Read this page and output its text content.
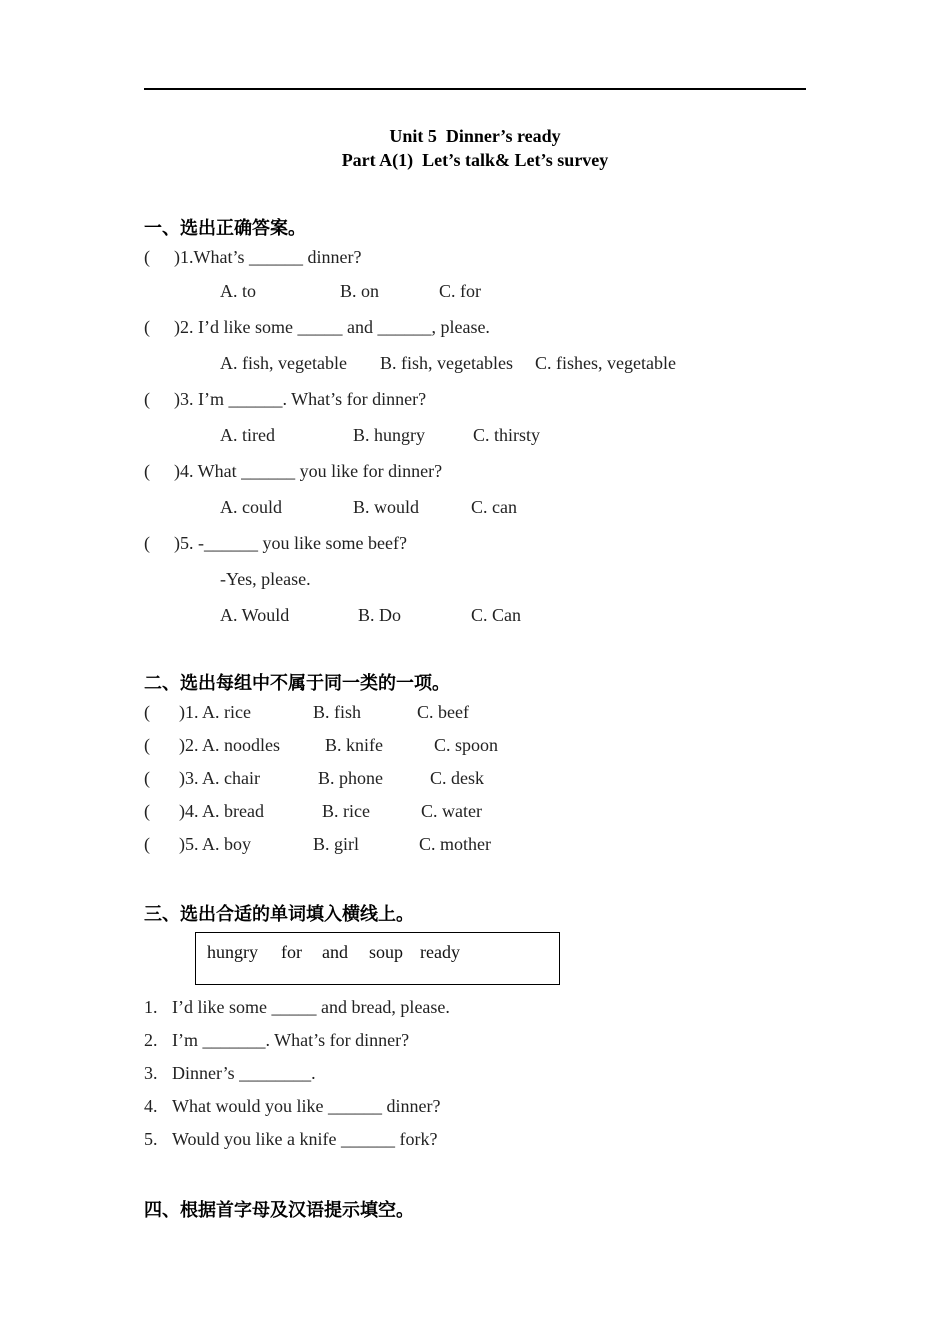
Unit 5  Dinner’s ready
Part A(1)  Let’s talk& Let’s survey
一、选出正确答案。
( )1.What’s ______ dinner?
A. to	B. on	C. for
( )2. I’d like some _____ and ______, please.
A. fish, vegetable B. fish, vegetables C. fishes, vegetable
( )3. I’m ______. What’s for dinner?
A. tired	B. hungry	C. thirsty
( )4. What ______ you like for dinner?
A. could	B. would	C. can
( )5. -______ you like some beef?
-Yes, please.
A. Would	B. Do	C. Can
二、选出每组中不属于同一类的一项。
( )1. A. rice	B. fish	C. beef
( )2. A. noodles	B. knife	C. spoon
( )3. A. chair	B. phone	C. desk
( )4. A. bread	B. rice	C. water
( )5. A. boy	B. girl	C. mother
三、选出合适的单词填入横线上。
hungry for and soup ready
1. I’d like some _____ and bread, please.
2. I’m _______. What’s for dinner?
3. Dinner’s ________.
4. What would you like ______ dinner?
5. Would you like a knife ______ fork?
四、根据首字母及汉语提示填空。
